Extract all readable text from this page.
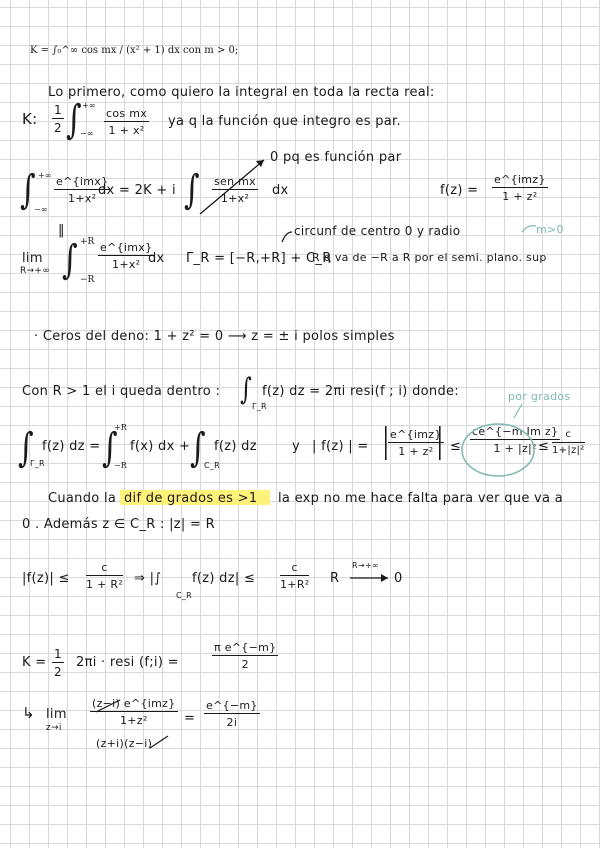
K = ∫₀^∞ cos mx / (x² + 1) dx con m > 0;
Lo primero, como quiero la integral en toda la recta real:
K: $\frac{1}{2}$ ∫ +∞
−∞ $\frac{\text{cos mx}}{\text{1 + x²}}$ ya q la función que integro es par.
∫ +∞
−∞
e^{imx}
1+x²
dx = 2K + i ∫ sen mx
1+x²
dx
0 pq es función par
f(z) =
e^{imz}
1 + z²
‖
lim
R→+∞ ∫ +R
−R
e^{imx}
1+x² dx Γ_R = [−R,+R] + C_R
circunf de centro 0 y radio
R q va de −R a R por el semi. plano. sup
m>0
· Ceros del deno: 1 + z² = 0 ⟶ z = ± i polos simples
Con R > 1 el i queda dentro : ∫ Γ_R
f(z) dz = 2πi resi(f ; i) donde:	por grados
∫
Γ_R
f(z) dz = ∫
+R
−R
f(x) dx + ∫
C_R
f(z) dz	y | f(z) | = |
e^{imz}
1 + z² | ≤ $\frac{\text{ce\textasciicircum{}\{−m Im z\}}}{\text{1 + |z|²}}$
≤ $\frac{c}{\text{1+|z|²}}$
Cuando la dif de grados es >1 la exp no me hace falta para ver que va a
0 . Además z ∈ C_R : |z| = R
$|f(z)| \le \frac{c}{\text{1 + R²}}$ ⇒ |∫
C_R
f(z) $dz| \le \frac{c}{\text{1+R²}}$ R
R→+∞
0
$K = \frac{1}{2} 2\pi i$ · resi (f;i) =	$\frac{\text{π e\textasciicircum{}\{−m\}}}{2}$
↳ lim
z→i
(z−i) e^{imz}
1+z²
(z+i)(z−i)
= $\frac{e\^{}\{-m\}}{2i}$
